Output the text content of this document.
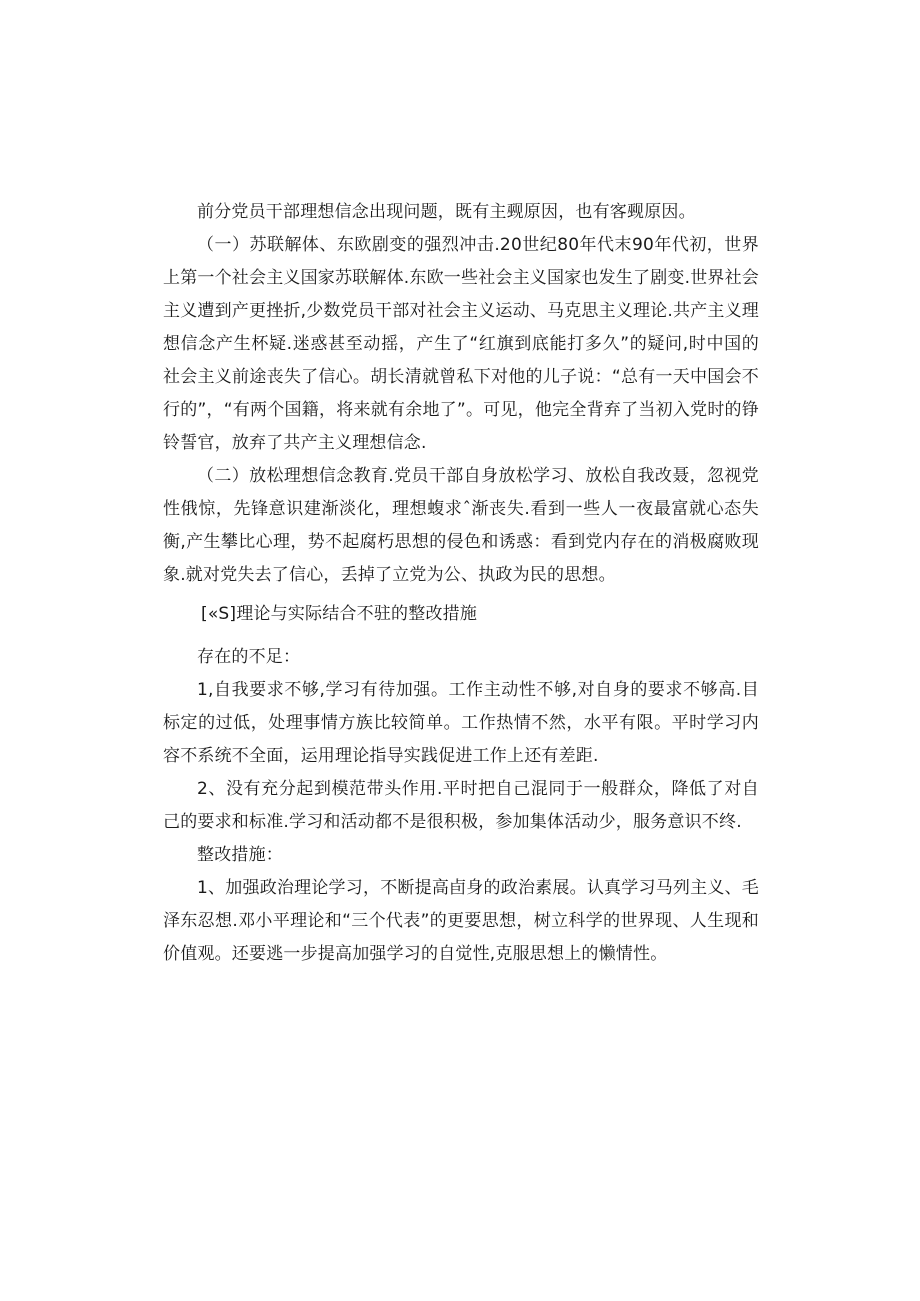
前分党员干部理想信念出现问题，既有主觋原因，也有客觋原因。

（一）苏联解体、东欧剧变的强烈冲击.20世纪80年代末90年代初，世界上第一个社会主义国家苏联解体.东欧一些社会主义国家也发生了剧变.世界社会主义遭到产更挫折,少数党员干部对社会主义运动、马克思主义理论.共产主义理想信念产生杯疑.迷惑甚至动摇，产生了“红旗到底能打多久”的疑问,时中国的社会主义前途丧失了信心。胡长清就曾私下对他的儿子说：“总有一天中国会不行的”，“有两个国籍，将来就有余地了”。可见，他完全背弃了当初入党时的铮铃誓官，放弃了共产主义理想信念.

（二）放松理想信念教育.党员干部自身放松学习、放松自我改聂，忽视党性俄惊，先锋意识建渐淡化，理想蝮求ˆ渐丧失.看到一些人一夜最富就心态失衡,产生攀比心理，势不起腐朽思想的侵色和诱惑：看到党内存在的消极腐败现象.就对党失去了信心，丢掉了立党为公、执政为民的思想。

[«S]理论与实际结合不驻的整改措施

存在的不足：

1,自我要求不够,学习有待加强。工作主动性不够,对自身的要求不够高.目标定的过低，处理事情方族比较简单。工作热情不然，水平有限。平时学习内容不系统不全面，运用理论指导实践促进工作上还有差距.

2、没有充分起到模范带头作用.平时把自己混同于一般群众，降低了对自己的要求和标准.学习和活动都不是很积极，参加集体活动少，服务意识不终.

整改措施：

1、加强政治理论学习，不断提高卣身的政治素展。认真学习马列主义、毛泽东忍想.邓小平理论和“三个代表”的更要思想，树立科学的世界现、人生现和价值观。还要逃一步提高加强学习的自觉性,克服思想上的懒情性。
